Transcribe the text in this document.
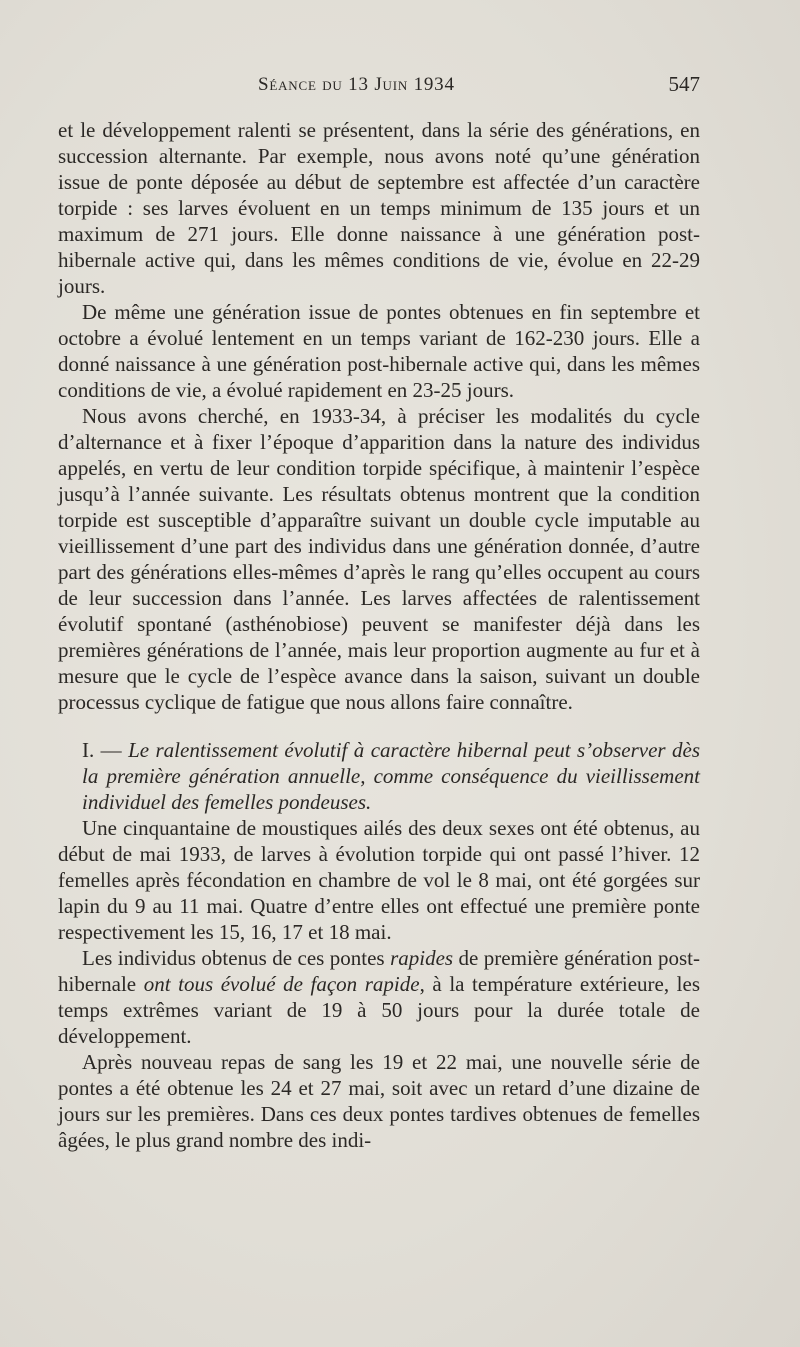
Séance du 13 Juin 1934	547

et le développement ralenti se présentent, dans la série des générations, en succession alternante. Par exemple, nous avons noté qu’une génération issue de ponte déposée au début de septembre est affectée d’un caractère torpide : ses larves évoluent en un temps minimum de 135 jours et un maximum de 271 jours. Elle donne naissance à une génération post-hibernale active qui, dans les mêmes conditions de vie, évolue en 22-29 jours.

De même une génération issue de pontes obtenues en fin septembre et octobre a évolué lentement en un temps variant de 162-230 jours. Elle a donné naissance à une génération post-hibernale active qui, dans les mêmes conditions de vie, a évolué rapidement en 23-25 jours.

Nous avons cherché, en 1933-34, à préciser les modalités du cycle d’alternance et à fixer l’époque d’apparition dans la nature des individus appelés, en vertu de leur condition torpide spécifique, à maintenir l’espèce jusqu’à l’année suivante. Les résultats obtenus montrent que la condition torpide est susceptible d’apparaître suivant un double cycle imputable au vieillissement d’une part des individus dans une génération donnée, d’autre part des générations elles-mêmes d’après le rang qu’elles occupent au cours de leur succession dans l’année. Les larves affectées de ralentissement évolutif spontané (asthénobiose) peuvent se manifester déjà dans les premières générations de l’année, mais leur proportion augmente au fur et à mesure que le cycle de l’espèce avance dans la saison, suivant un double processus cyclique de fatigue que nous allons faire connaître.

I. — Le ralentissement évolutif à caractère hibernal peut s’observer dès la première génération annuelle, comme conséquence du vieillissement individuel des femelles pondeuses.

Une cinquantaine de moustiques ailés des deux sexes ont été obtenus, au début de mai 1933, de larves à évolution torpide qui ont passé l’hiver. 12 femelles après fécondation en chambre de vol le 8 mai, ont été gorgées sur lapin du 9 au 11 mai. Quatre d’entre elles ont effectué une première ponte respectivement les 15, 16, 17 et 18 mai.

Les individus obtenus de ces pontes rapides de première génération post-hibernale ont tous évolué de façon rapide, à la température extérieure, les temps extrêmes variant de 19 à 50 jours pour la durée totale de développement.

Après nouveau repas de sang les 19 et 22 mai, une nouvelle série de pontes a été obtenue les 24 et 27 mai, soit avec un retard d’une dizaine de jours sur les premières. Dans ces deux pontes tardives obtenues de femelles âgées, le plus grand nombre des indi-
